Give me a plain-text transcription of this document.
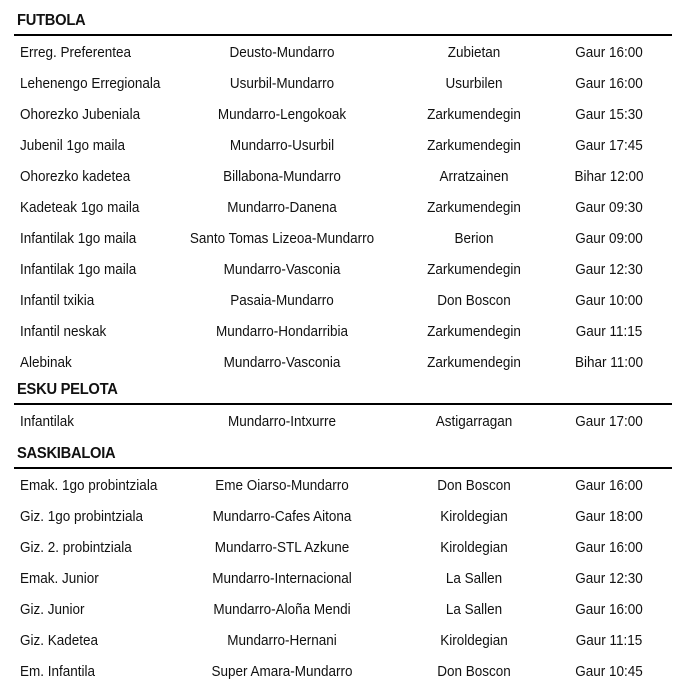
FUTBOLA
Erreg. Preferentea	Deusto-Mundarro	Zubietan	Gaur 16:00
Lehenengo Erregionala	Usurbil-Mundarro	Usurbilen	Gaur 16:00
Ohorezko Jubeniala	Mundarro-Lengokoak	Zarkumendegin	Gaur 15:30
Jubenil 1go maila	Mundarro-Usurbil	Zarkumendegin	Gaur 17:45
Ohorezko kadetea	Billabona-Mundarro	Arratzainen	Bihar 12:00
Kadeteak 1go maila	Mundarro-Danena	Zarkumendegin	Gaur 09:30
Infantilak 1go maila	Santo Tomas Lizeoa-Mundarro	Berion	Gaur 09:00
Infantilak 1go maila	Mundarro-Vasconia	Zarkumendegin	Gaur 12:30
Infantil txikia	Pasaia-Mundarro	Don Boscon	Gaur 10:00
Infantil neskak	Mundarro-Hondarribia	Zarkumendegin	Gaur 11:15
Alebinak	Mundarro-Vasconia	Zarkumendegin	Bihar 11:00
ESKU PELOTA
Infantilak	Mundarro-Intxurre	Astigarragan	Gaur 17:00
SASKIBALOIA
Emak. 1go probintziala	Eme Oiarso-Mundarro	Don Boscon	Gaur 16:00
Giz. 1go probintziala	Mundarro-Cafes Aitona	Kiroldegian	Gaur 18:00
Giz. 2. probintziala	Mundarro-STL Azkune	Kiroldegian	Gaur 16:00
Emak. Junior	Mundarro-Internacional	La Sallen	Gaur 12:30
Giz. Junior	Mundarro-Aloña Mendi	La Sallen	Gaur 16:00
Giz. Kadetea	Mundarro-Hernani	Kiroldegian	Gaur 11:15
Em. Infantila	Super Amara-Mundarro	Don Boscon	Gaur 10:45
